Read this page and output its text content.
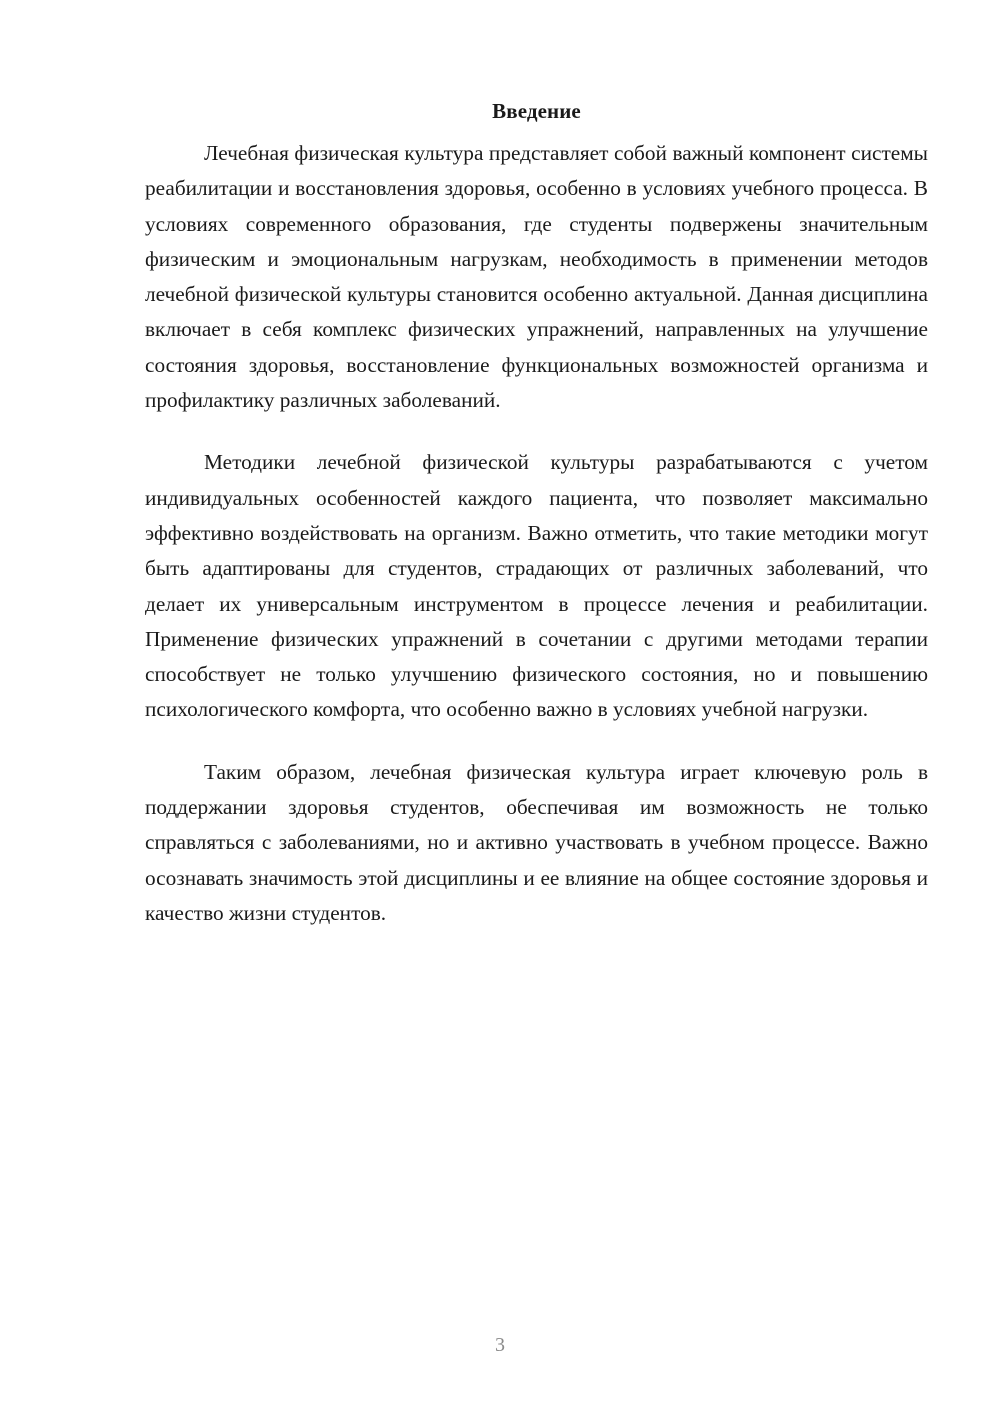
Введение

Лечебная физическая культура представляет собой важный компонент системы реабилитации и восстановления здоровья, особенно в условиях учебного процесса. В условиях современного образования, где студенты подвержены значительным физическим и эмоциональным нагрузкам, необходимость в применении методов лечебной физической культуры становится особенно актуальной. Данная дисциплина включает в себя комплекс физических упражнений, направленных на улучшение состояния здоровья, восстановление функциональных возможностей организма и профилактику различных заболеваний.

Методики лечебной физической культуры разрабатываются с учетом индивидуальных особенностей каждого пациента, что позволяет максимально эффективно воздействовать на организм. Важно отметить, что такие методики могут быть адаптированы для студентов, страдающих от различных заболеваний, что делает их универсальным инструментом в процессе лечения и реабилитации. Применение физических упражнений в сочетании с другими методами терапии способствует не только улучшению физического состояния, но и повышению психологического комфорта, что особенно важно в условиях учебной нагрузки.

Таким образом, лечебная физическая культура играет ключевую роль в поддержании здоровья студентов, обеспечивая им возможность не только справляться с заболеваниями, но и активно участвовать в учебном процессе. Важно осознавать значимость этой дисциплины и ее влияние на общее состояние здоровья и качество жизни студентов.

3
